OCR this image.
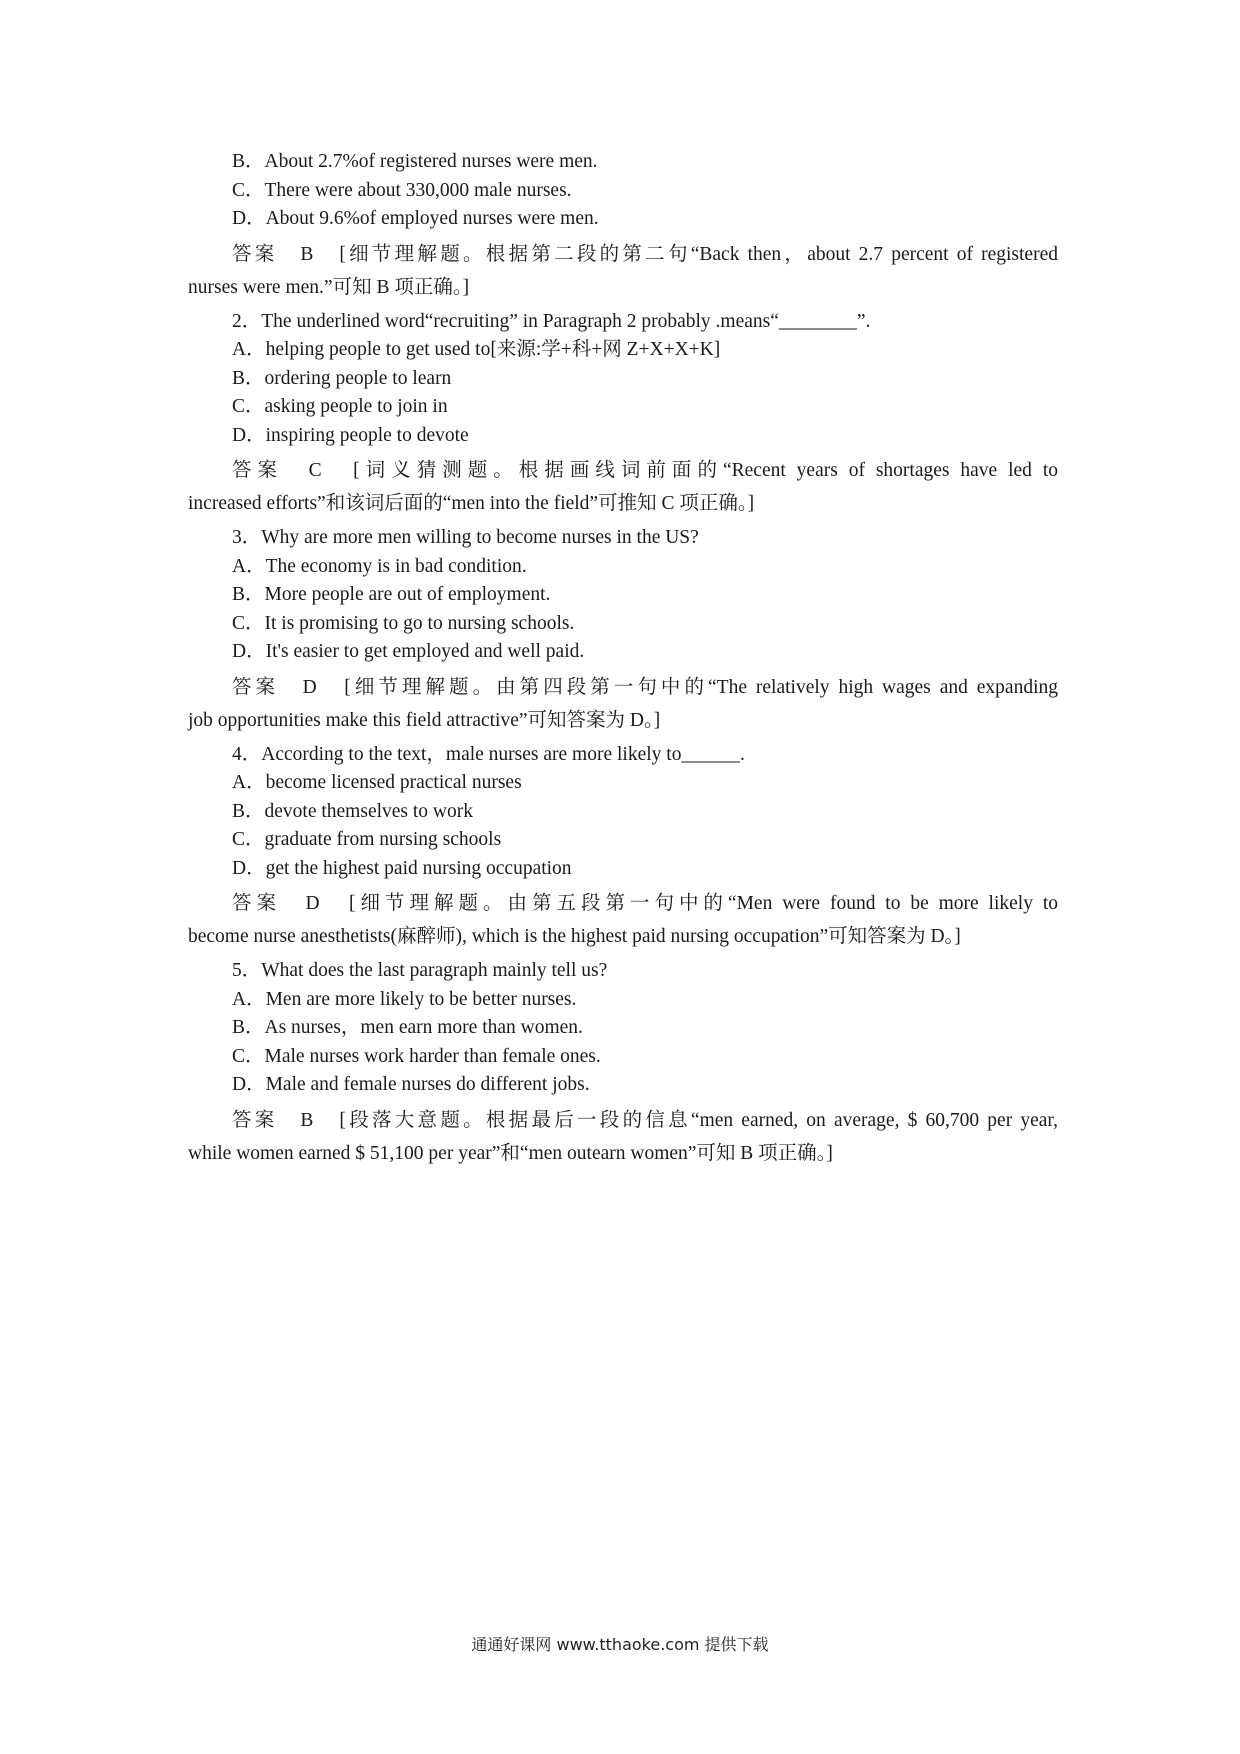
B．About 2.7%of registered nurses were men.
C．There were about 330,000 male nurses.
D．About 9.6%of employed nurses were men.
答案　B　[细节理解题。根据第二段的第二句“Back then，about 2.7 percent of registered
nurses were men.”可知 B 项正确。]
2．The underlined word“recruiting” in Paragraph 2 probably .means“________”.
A．helping people to get used to[来源:学+科+网 Z+X+X+K]
B．ordering people to learn
C．asking people to join in
D．inspiring people to devote
答案　C　[词义猜测题。根据画线词前面的“Recent years of shortages have led to
increased efforts”和该词后面的“men into the field”可推知 C 项正确。]
3．Why are more men willing to become nurses in the US?
A．The economy is in bad condition.
B．More people are out of employment.
C．It is promising to go to nursing schools.
D．It's easier to get employed and well paid.
答案　D　[细节理解题。由第四段第一句中的“The relatively high wages and expanding
job opportunities make this field attractive”可知答案为 D。]
4．According to the text，male nurses are more likely to______.
A．become licensed practical nurses
B．devote themselves to work
C．graduate from nursing schools
D．get the highest paid nursing occupation
答案　D　[细节理解题。由第五段第一句中的“Men were found to be more likely to
become nurse anesthetists(麻醉师), which is the highest paid nursing occupation”可知答案为 D。]
5．What does the last paragraph mainly tell us?
A．Men are more likely to be better nurses.
B．As nurses，men earn more than women.
C．Male nurses work harder than female ones.
D．Male and female nurses do different jobs.
答案　B　[段落大意题。根据最后一段的信息“men earned, on average, $ 60,700 per year,
while women earned $ 51,100 per year”和“men outearn women”可知 B 项正确。]
通通好课网 www.tthaoke.com 提供下载
